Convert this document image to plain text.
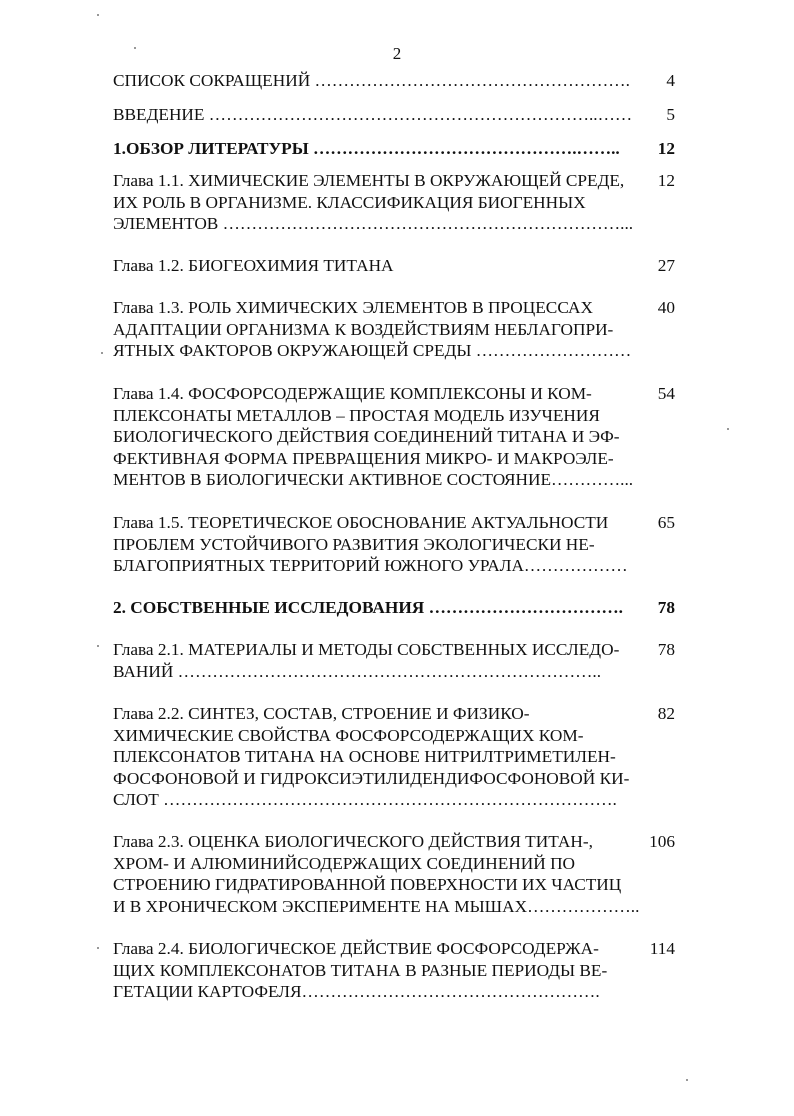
2
СПИСОК СОКРАЩЕНИЙ ……………………………………………….	4
ВВЕДЕНИЕ …………………………………………………………..……	5
1.ОБЗОР ЛИТЕРАТУРЫ ……………………………………….……..	12
Глава 1.1. ХИМИЧЕСКИЕ ЭЛЕМЕНТЫ В ОКРУЖАЮЩЕЙ СРЕДЕ,
ИХ РОЛЬ В ОРГАНИЗМЕ. КЛАССИФИКАЦИЯ БИОГЕННЫХ
ЭЛЕМЕНТОВ ……………………………………………………………...
12
Глава 1.2. БИОГЕОХИМИЯ ТИТАНА	27
Глава 1.3. РОЛЬ ХИМИЧЕСКИХ ЭЛЕМЕНТОВ В ПРОЦЕССАХ
АДАПТАЦИИ ОРГАНИЗМА К ВОЗДЕЙСТВИЯМ НЕБЛАГОПРИ-
ЯТНЫХ ФАКТОРОВ ОКРУЖАЮЩЕЙ СРЕДЫ ………………………
40
Глава 1.4. ФОСФОРСОДЕРЖАЩИЕ КОМПЛЕКСОНЫ И КОМ-
ПЛЕКСОНАТЫ МЕТАЛЛОВ – ПРОСТАЯ МОДЕЛЬ ИЗУЧЕНИЯ
БИОЛОГИЧЕСКОГО ДЕЙСТВИЯ СОЕДИНЕНИЙ ТИТАНА И ЭФ-
ФЕКТИВНАЯ ФОРМА ПРЕВРАЩЕНИЯ МИКРО- И МАКРОЭЛЕ-
МЕНТОВ В БИОЛОГИЧЕСКИ АКТИВНОЕ СОСТОЯНИЕ…………...
54
Глава 1.5. ТЕОРЕТИЧЕСКОЕ ОБОСНОВАНИЕ АКТУАЛЬНОСТИ
ПРОБЛЕМ УСТОЙЧИВОГО РАЗВИТИЯ ЭКОЛОГИЧЕСКИ НЕ-
БЛАГОПРИЯТНЫХ ТЕРРИТОРИЙ ЮЖНОГО УРАЛА………………
65
2. СОБСТВЕННЫЕ ИССЛЕДОВАНИЯ …………………………….	78
Глава 2.1. МАТЕРИАЛЫ И МЕТОДЫ СОБСТВЕННЫХ ИССЛЕДО-
ВАНИЙ ………………………………………………………………..
78
Глава 2.2. СИНТЕЗ, СОСТАВ, СТРОЕНИЕ И ФИЗИКО-
ХИМИЧЕСКИЕ СВОЙСТВА ФОСФОРСОДЕРЖАЩИХ КОМ-
ПЛЕКСОНАТОВ ТИТАНА НА ОСНОВЕ НИТРИЛТРИМЕТИЛЕН-
ФОСФОНОВОЙ И ГИДРОКСИЭТИЛИДЕНДИФОСФОНОВОЙ КИ-
СЛОТ …………………………………………………………………….
82
Глава 2.3. ОЦЕНКА БИОЛОГИЧЕСКОГО ДЕЙСТВИЯ ТИТАН-,
ХРОМ- И АЛЮМИНИЙСОДЕРЖАЩИХ СОЕДИНЕНИЙ ПО
СТРОЕНИЮ ГИДРАТИРОВАННОЙ ПОВЕРХНОСТИ ИХ ЧАСТИЦ
И В ХРОНИЧЕСКОМ ЭКСПЕРИМЕНТЕ НА МЫШАХ………………..
106
Глава 2.4. БИОЛОГИЧЕСКОЕ ДЕЙСТВИЕ ФОСФОРСОДЕРЖА-
ЩИХ КОМПЛЕКСОНАТОВ ТИТАНА В РАЗНЫЕ ПЕРИОДЫ ВЕ-
ГЕТАЦИИ КАРТОФЕЛЯ…………………………………………….
114
